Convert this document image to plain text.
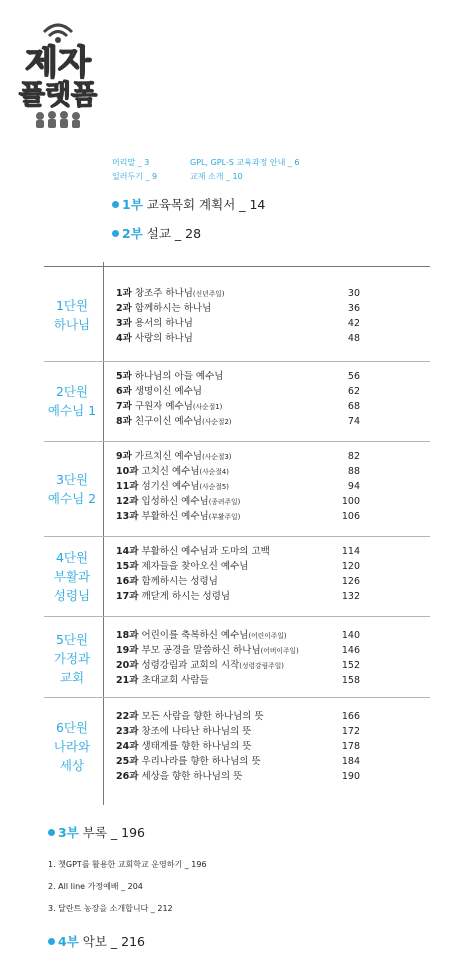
제자
플랫폼
머리말 _ 3	GPL, GPL-S 교육과정 안내 _ 6
일러두기 _ 9	교재 소개 _ 10
1부 교육목회 계획서 _ 14
2부 설교 _ 28
1단원
하나님
1과 창조주 하나님(신년주일)	30
2과 함께하시는 하나님	36
3과 용서의 하나님	42
4과 사랑의 하나님	48
2단원
예수님 1
5과 하나님의 아들 예수님	56
6과 생명이신 예수님	62
7과 구원자 예수님(사순절1)	68
8과 친구이신 예수님(사순절2)	74
3단원
예수님 2
9과 가르치신 예수님(사순절3)	82
10과 고치신 예수님(사순절4)	88
11과 섬기신 예수님(사순절5)	94
12과 입성하신 예수님(종려주일)	100
13과 부활하신 예수님(부활주일)	106
4단원
부활과
성령님
14과 부활하신 예수님과 도마의 고백	114
15과 제자들을 찾아오신 예수님	120
16과 함께하시는 성령님	126
17과 깨닫게 하시는 성령님	132
5단원
가정과
교회
18과 어린이를 축복하신 예수님(어린이주일)	140
19과 부모 공경을 말씀하신 하나님(어버이주일)	146
20과 성령강림과 교회의 시작(성령강림주일)	152
21과 초대교회 사람들	158
6단원
나라와
세상
22과 모든 사람을 향한 하나님의 뜻	166
23과 창조에 나타난 하나님의 뜻	172
24과 생태계를 향한 하나님의 뜻	178
25과 우리나라를 향한 하나님의 뜻	184
26과 세상을 향한 하나님의 뜻	190
3부 부록 _ 196
1. 챗GPT를 활용한 교회학교 운영하기 _ 196
2. All line 가정예배 _ 204
3. 달란트 농장을 소개합니다 _ 212
4부 악보 _ 216
